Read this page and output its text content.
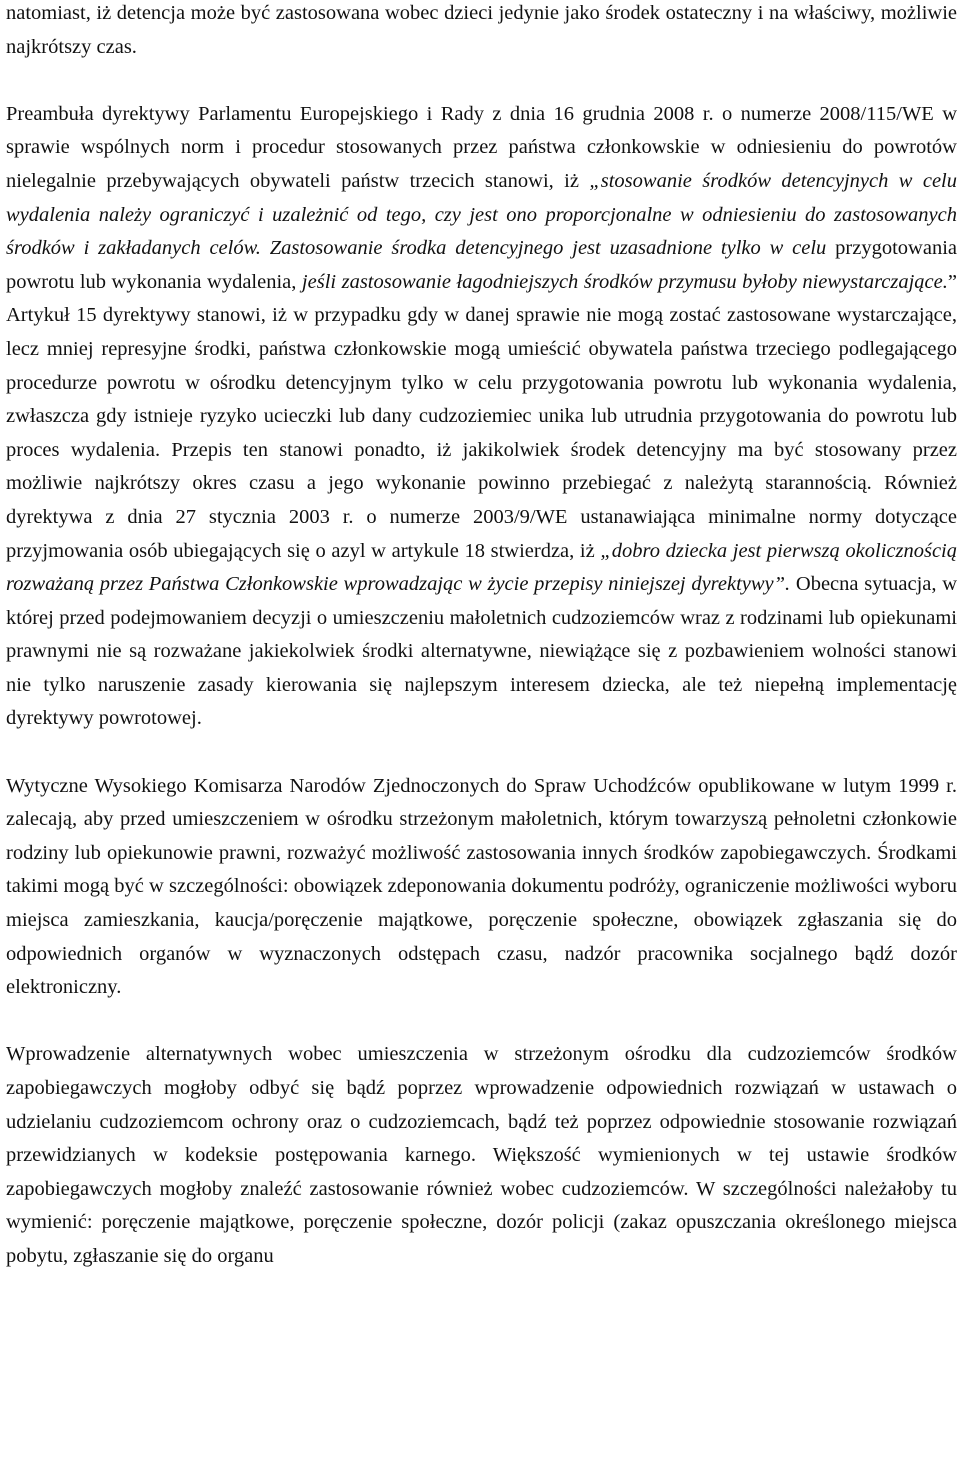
natomiast, iż detencja może być zastosowana wobec dzieci jedynie jako środek ostateczny i na właściwy, możliwie najkrótszy czas.

Preambuła dyrektywy Parlamentu Europejskiego i Rady z dnia 16 grudnia 2008 r. o numerze 2008/115/WE w sprawie wspólnych norm i procedur stosowanych przez państwa członkowskie w odniesieniu do powrotów nielegalnie przebywających obywateli państw trzecich stanowi, iż „stosowanie środków detencyjnych w celu wydalenia należy ograniczyć i uzależnić od tego, czy jest ono proporcjonalne w odniesieniu do zastosowanych środków i zakładanych celów. Zastosowanie środka detencyjnego jest uzasadnione tylko w celu przygotowania powrotu lub wykonania wydalenia, jeśli zastosowanie łagodniejszych środków przymusu byłoby niewystarczające.” Artykuł 15 dyrektywy stanowi, iż w przypadku gdy w danej sprawie nie mogą zostać zastosowane wystarczające, lecz mniej represyjne środki, państwa członkowskie mogą umieścić obywatela państwa trzeciego podlegającego procedurze powrotu w ośrodku detencyjnym tylko w celu przygotowania powrotu lub wykonania wydalenia, zwłaszcza gdy istnieje ryzyko ucieczki lub dany cudzoziemiec unika lub utrudnia przygotowania do powrotu lub proces wydalenia. Przepis ten stanowi ponadto, iż jakikolwiek środek detencyjny ma być stosowany przez możliwie najkrótszy okres czasu a jego wykonanie powinno przebiegać z należytą starannością. Również dyrektywa z dnia 27 stycznia 2003 r. o numerze 2003/9/WE ustanawiająca minimalne normy dotyczące przyjmowania osób ubiegających się o azyl w artykule 18 stwierdza, iż „dobro dziecka jest pierwszą okolicznością rozważaną przez Państwa Członkowskie wprowadzając w życie przepisy niniejszej dyrektywy”. Obecna sytuacja, w której przed podejmowaniem decyzji o umieszczeniu małoletnich cudzoziemców wraz z rodzinami lub opiekunami prawnymi nie są rozważane jakiekolwiek środki alternatywne, niewiążące się z pozbawieniem wolności stanowi nie tylko naruszenie zasady kierowania się najlepszym interesem dziecka, ale też niepełną implementację dyrektywy powrotowej.

Wytyczne Wysokiego Komisarza Narodów Zjednoczonych do Spraw Uchodźców opublikowane w lutym 1999 r. zalecają, aby przed umieszczeniem w ośrodku strzeżonym małoletnich, którym towarzyszą pełnoletni członkowie rodziny lub opiekunowie prawni, rozważyć możliwość zastosowania innych środków zapobiegawczych. Środkami takimi mogą być w szczególności: obowiązek zdeponowania dokumentu podróży, ograniczenie możliwości wyboru miejsca zamieszkania, kaucja/poręczenie majątkowe, poręczenie społeczne, obowiązek zgłaszania się do odpowiednich organów w wyznaczonych odstępach czasu, nadzór pracownika socjalnego bądź dozór elektroniczny.

Wprowadzenie alternatywnych wobec umieszczenia w strzeżonym ośrodku dla cudzoziemców środków zapobiegawczych mogłoby odbyć się bądź poprzez wprowadzenie odpowiednich rozwiązań w ustawach o udzielaniu cudzoziemcom ochrony oraz o cudzoziemcach, bądź też poprzez odpowiednie stosowanie rozwiązań przewidzianych w kodeksie postępowania karnego. Większość wymienionych w tej ustawie środków zapobiegawczych mogłoby znaleźć zastosowanie również wobec cudzoziemców. W szczególności należałoby tu wymienić: poręczenie majątkowe, poręczenie społeczne, dozór policji (zakaz opuszczania określonego miejsca pobytu, zgłaszanie się do organu
